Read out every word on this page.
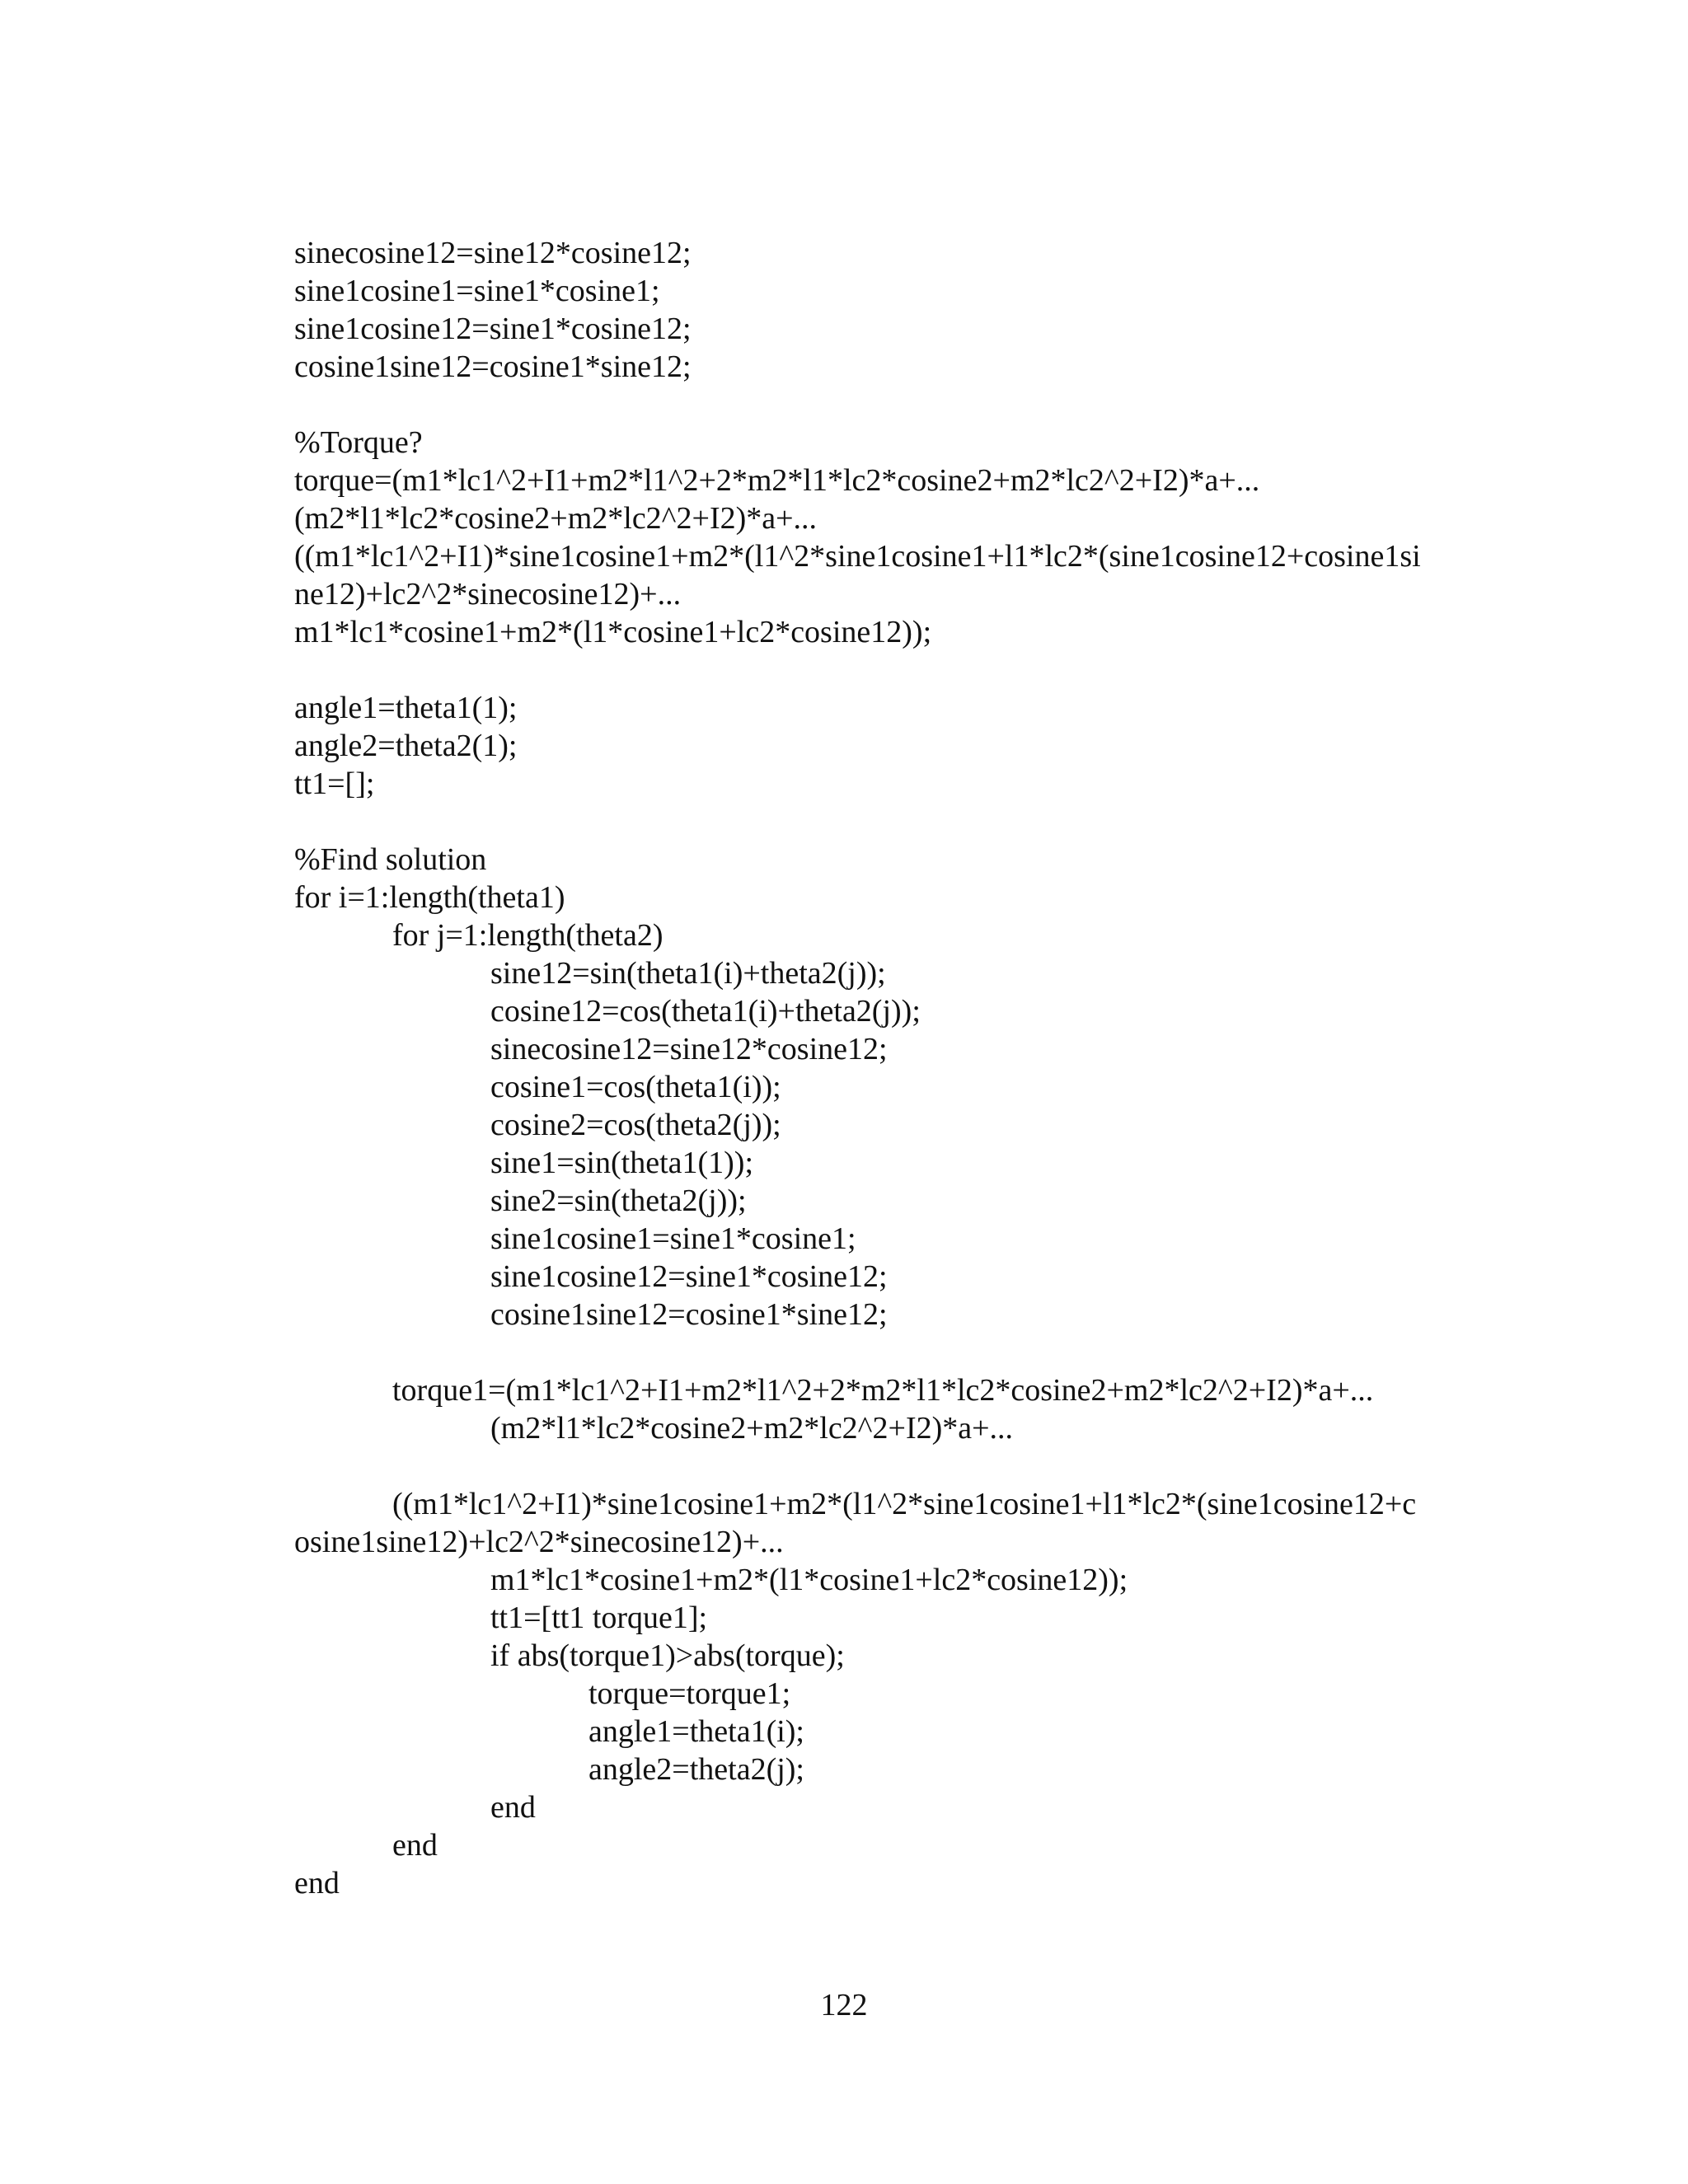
sinecosine12=sine12*cosine12;
sine1cosine1=sine1*cosine1;
sine1cosine12=sine1*cosine12;
cosine1sine12=cosine1*sine12;
%Torque?
torque=(m1*lc1^2+I1+m2*l1^2+2*m2*l1*lc2*cosine2+m2*lc2^2+I2)*a+...
(m2*l1*lc2*cosine2+m2*lc2^2+I2)*a+...
((m1*lc1^2+I1)*sine1cosine1+m2*(l1^2*sine1cosine1+l1*lc2*(sine1cosine12+cosine1si
ne12)+lc2^2*sinecosine12)+...
m1*lc1*cosine1+m2*(l1*cosine1+lc2*cosine12));
angle1=theta1(1);
angle2=theta2(1);
tt1=[];
%Find solution
for i=1:length(theta1)
for j=1:length(theta2)
sine12=sin(theta1(i)+theta2(j));
cosine12=cos(theta1(i)+theta2(j));
sinecosine12=sine12*cosine12;
cosine1=cos(theta1(i));
cosine2=cos(theta2(j));
sine1=sin(theta1(1));
sine2=sin(theta2(j));
sine1cosine1=sine1*cosine1;
sine1cosine12=sine1*cosine12;
cosine1sine12=cosine1*sine12;
torque1=(m1*lc1^2+I1+m2*l1^2+2*m2*l1*lc2*cosine2+m2*lc2^2+I2)*a+...
(m2*l1*lc2*cosine2+m2*lc2^2+I2)*a+...
((m1*lc1^2+I1)*sine1cosine1+m2*(l1^2*sine1cosine1+l1*lc2*(sine1cosine12+c
osine1sine12)+lc2^2*sinecosine12)+...
m1*lc1*cosine1+m2*(l1*cosine1+lc2*cosine12));
tt1=[tt1 torque1];
if abs(torque1)>abs(torque);
torque=torque1;
angle1=theta1(i);
angle2=theta2(j);
end
end
end
122
